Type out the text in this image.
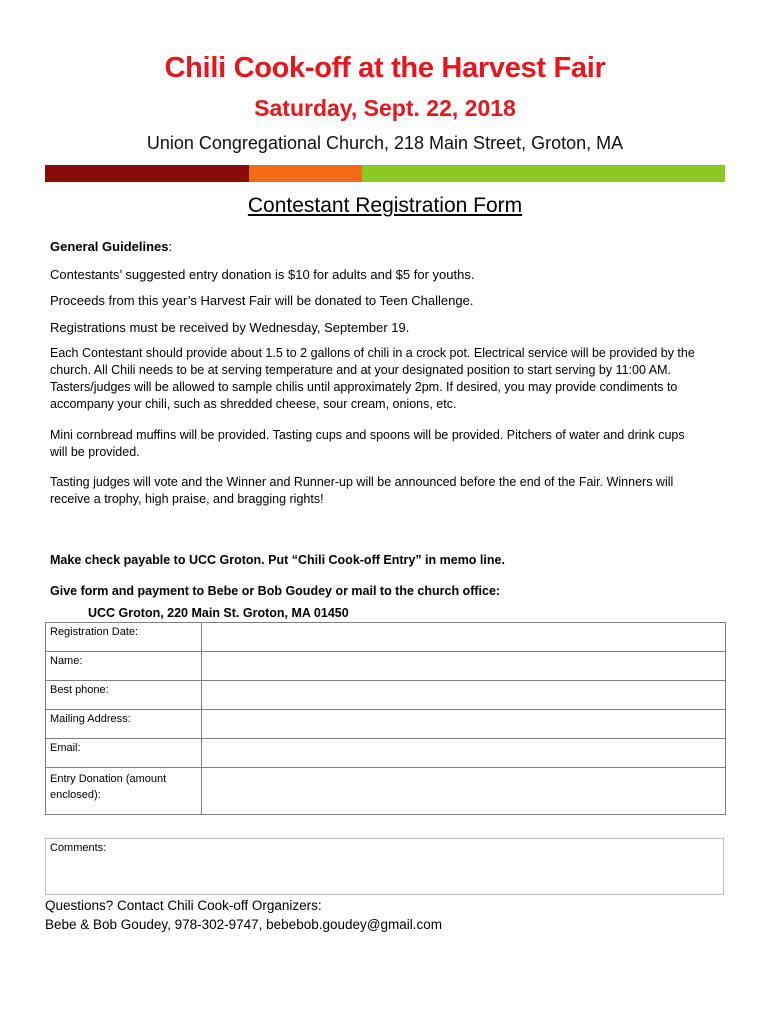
Chili Cook-off at the Harvest Fair
Saturday, Sept. 22, 2018
Union Congregational Church, 218 Main Street, Groton, MA
Contestant Registration Form
General Guidelines:
Contestants’ suggested entry donation is $10 for adults and $5 for youths.
Proceeds from this year’s Harvest Fair will be donated to Teen Challenge.
Registrations must be received by Wednesday, September 19.
Each Contestant should provide about 1.5 to 2 gallons of chili in a crock pot. Electrical service will be provided by the
church. All Chili needs to be at serving temperature and at your designated position to start serving by 11:00 AM.
Tasters/judges will be allowed to sample chilis until approximately 2pm. If desired, you may provide condiments to
accompany your chili, such as shredded cheese, sour cream, onions, etc.
Mini cornbread muffins will be provided. Tasting cups and spoons will be provided. Pitchers of water and drink cups
will be provided.
Tasting judges will vote and the Winner and Runner-up will be announced before the end of the Fair. Winners will
receive a trophy, high praise, and bragging rights!
Make check payable to UCC Groton. Put “Chili Cook-off Entry” in memo line.
Give form and payment to Bebe or Bob Goudey or mail to the church office:
UCC Groton, 220 Main St. Groton, MA 01450
Registration Date:	
Name:	
Best phone:	
Mailing Address:	
Email:	
Entry Donation (amount enclosed):	
Comments:
Questions? Contact Chili Cook-off Organizers:
Bebe & Bob Goudey, 978-302-9747, bebebob.goudey@gmail.com
